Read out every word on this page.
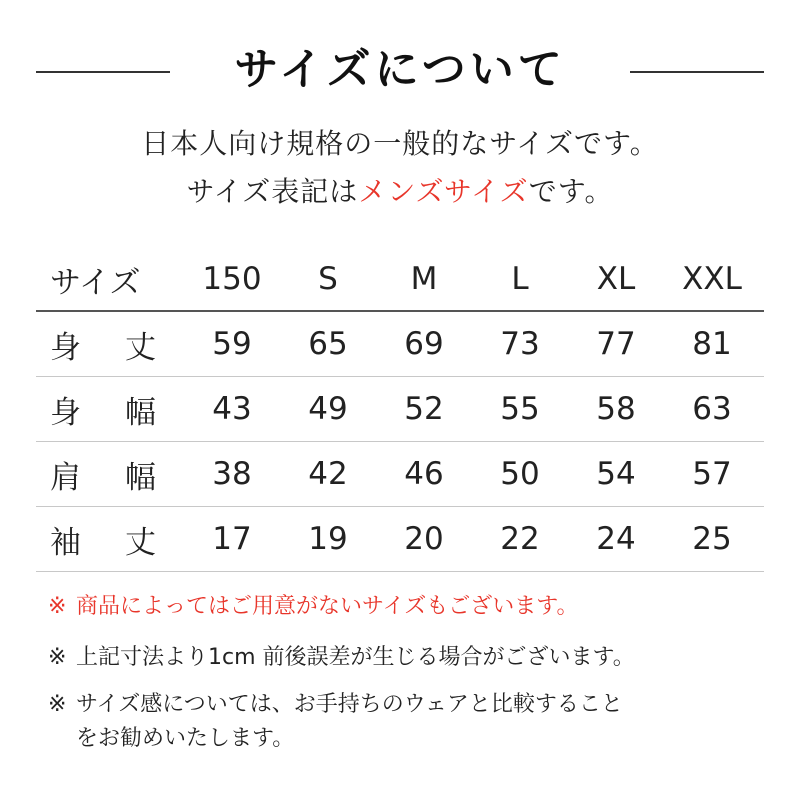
サイズについて
日本人向け規格の一般的なサイズです。
サイズ表記はメンズサイズです。
サイズ	150	S	M	L	XL	XXL
身 丈	59	65	69	73	77	81
身 幅	43	49	52	55	58	63
肩 幅	38	42	46	50	54	57
袖 丈	17	19	20	22	24	25
※ 商品によってはご用意がないサイズもございます。
※ 上記寸法より1cm 前後誤差が生じる場合がございます。
※ サイズ感については、お手持ちのウェアと比較すること
をお勧めいたします。
